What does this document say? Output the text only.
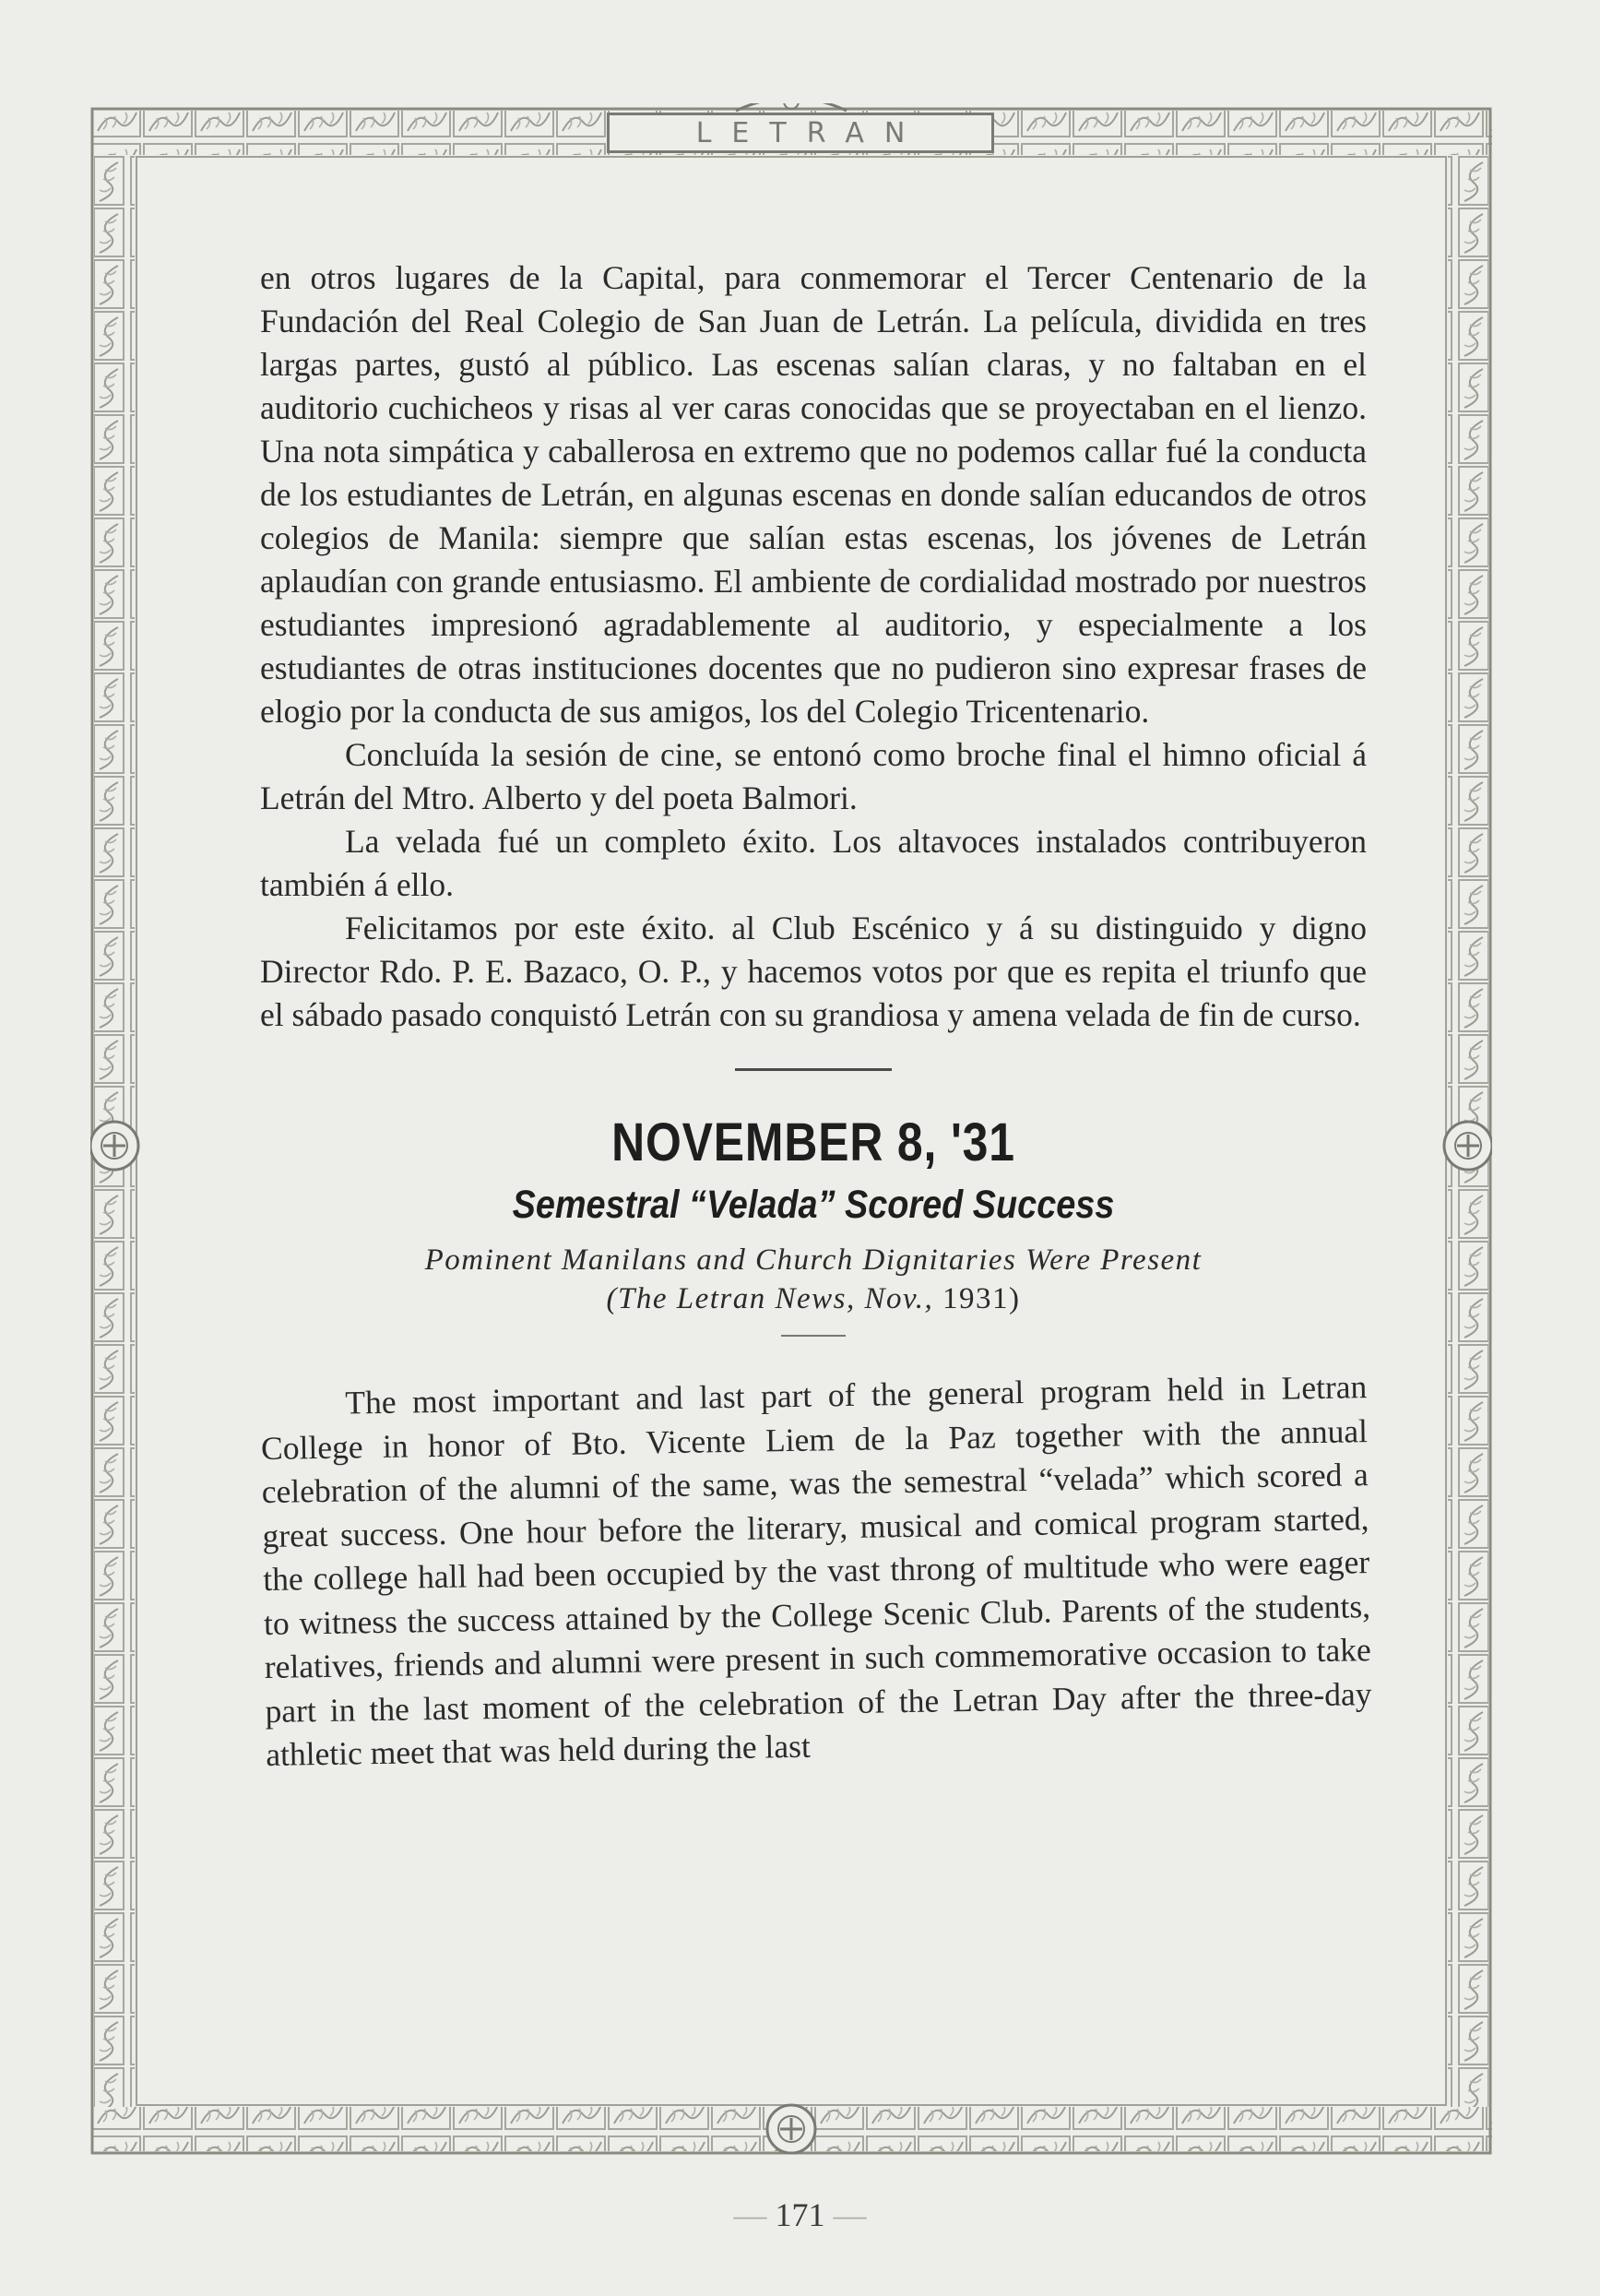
LETRAN

en otros lugares de la Capital, para conmemorar el Tercer Centenario de la Fundación del Real Colegio de San Juan de Letrán. La película, dividida en tres largas partes, gustó al público. Las escenas salían claras, y no faltaban en el auditorio cuchicheos y risas al ver caras conocidas que se proyectaban en el lienzo. Una nota simpática y caballerosa en extremo que no podemos callar fué la conducta de los estudiantes de Letrán, en algunas escenas en donde salían educandos de otros colegios de Manila: siempre que salían estas escenas, los jóvenes de Letrán aplaudían con grande entusiasmo. El ambiente de cordialidad mostrado por nuestros estudiantes impresionó agradablemente al auditorio, y especialmente a los estudiantes de otras instituciones docentes que no pudieron sino expresar frases de elogio por la conducta de sus amigos, los del Colegio Tricentenario.

Concluída la sesión de cine, se entonó como broche final el himno oficial á Letrán del Mtro. Alberto y del poeta Balmori.

La velada fué un completo éxito. Los altavoces instalados contribuyeron también á ello.

Felicitamos por este éxito. al Club Escénico y á su distinguido y digno Director Rdo. P. E. Bazaco, O. P., y hacemos votos por que es repita el triunfo que el sábado pasado conquistó Letrán con su grandiosa y amena velada de fin de curso.

NOVEMBER 8, '31
Semestral “Velada” Scored Success
Pominent Manilans and Church Dignitaries Were Present
(The Letran News, Nov., 1931)

The most important and last part of the general program held in Letran College in honor of Bto. Vicente Liem de la Paz together with the annual celebration of the alumni of the same, was the semestral “velada” which scored a great success. One hour before the literary, musical and comical program started, the college hall had been occupied by the vast throng of multitude who were eager to witness the success attained by the College Scenic Club. Parents of the students, relatives, friends and alumni were present in such commemorative occasion to take part in the last moment of the celebration of the Letran Day after the three-day athletic meet that was held during the last

— 171 —
